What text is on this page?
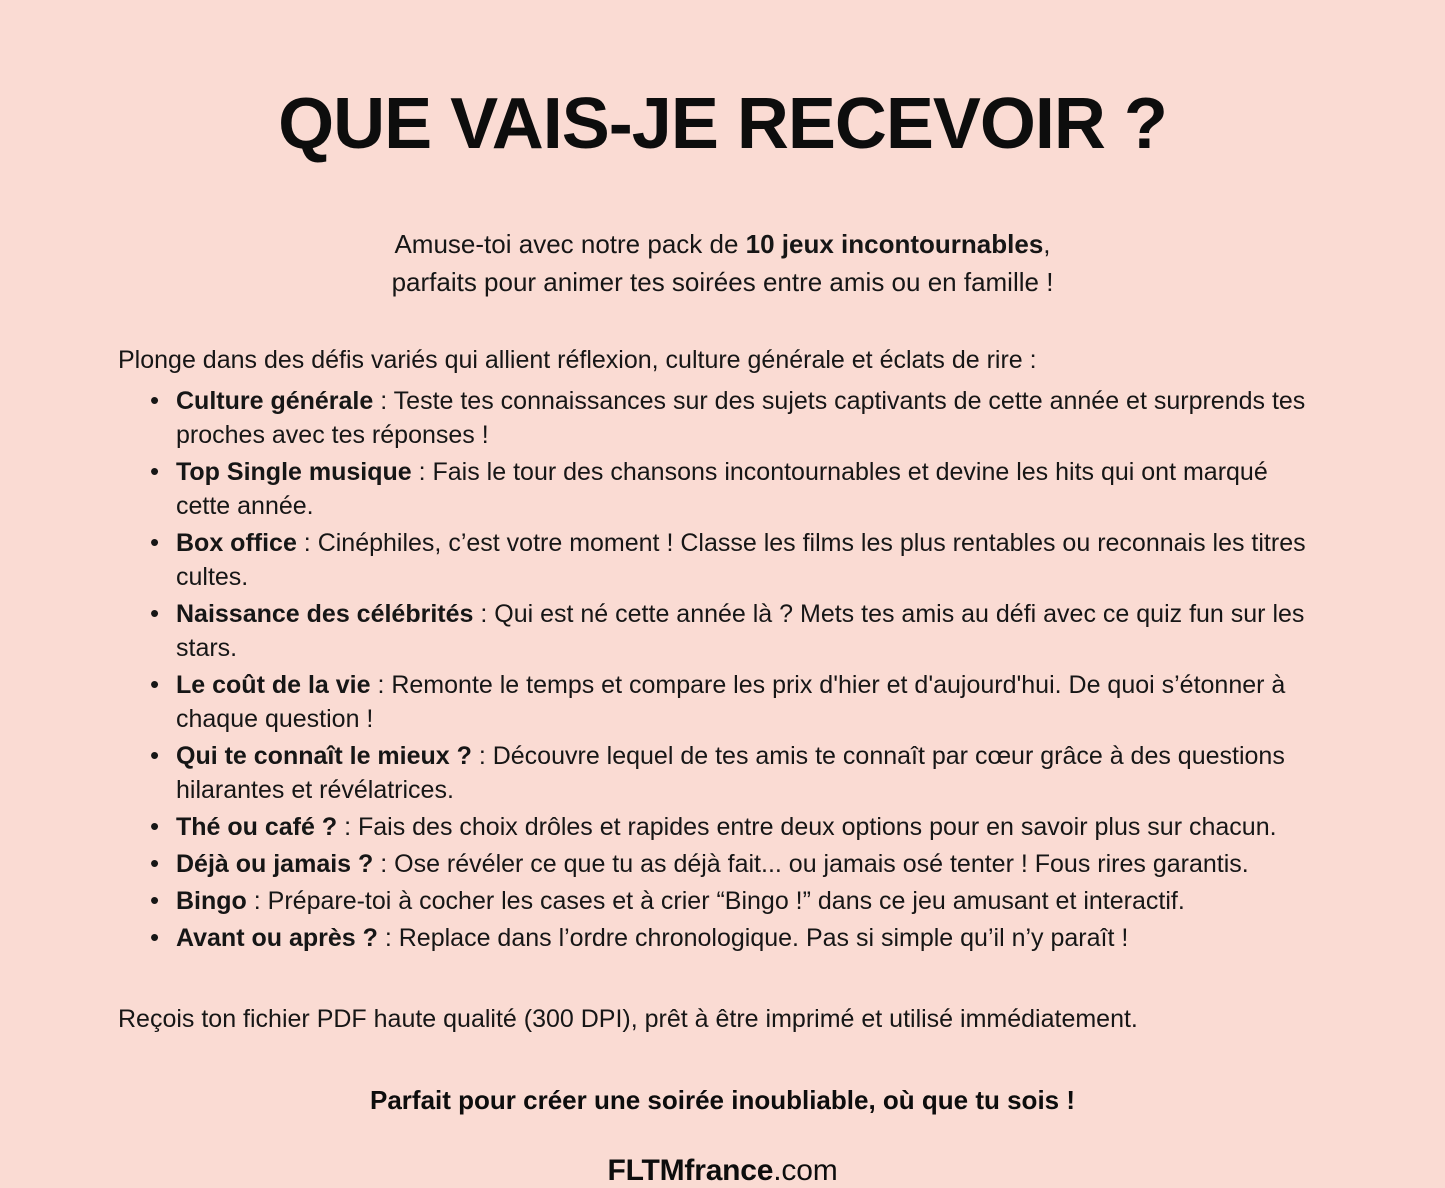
QUE VAIS-JE RECEVOIR ?

Amuse-toi avec notre pack de 10 jeux incontournables,
parfaits pour animer tes soirées entre amis ou en famille !

Plonge dans des défis variés qui allient réflexion, culture générale et éclats de rire :

• Culture générale : Teste tes connaissances sur des sujets captivants de cette année et surprends tes proches avec tes réponses !
• Top Single musique : Fais le tour des chansons incontournables et devine les hits qui ont marqué cette année.
• Box office : Cinéphiles, c’est votre moment ! Classe les films les plus rentables ou reconnais les titres cultes.
• Naissance des célébrités : Qui est né cette année là ? Mets tes amis au défi avec ce quiz fun sur les stars.
• Le coût de la vie : Remonte le temps et compare les prix d'hier et d'aujourd'hui. De quoi s’étonner à chaque question !
• Qui te connaît le mieux ? : Découvre lequel de tes amis te connaît par cœur grâce à des questions hilarantes et révélatrices.
• Thé ou café ? : Fais des choix drôles et rapides entre deux options pour en savoir plus sur chacun.
• Déjà ou jamais ? : Ose révéler ce que tu as déjà fait... ou jamais osé tenter ! Fous rires garantis.
• Bingo : Prépare-toi à cocher les cases et à crier “Bingo !” dans ce jeu amusant et interactif.
• Avant ou après ? : Replace dans l’ordre chronologique. Pas si simple qu’il n’y paraît !

Reçois ton fichier PDF haute qualité (300 DPI), prêt à être imprimé et utilisé immédiatement.

Parfait pour créer une soirée inoubliable, où que tu sois !

FLTMfrance.com
